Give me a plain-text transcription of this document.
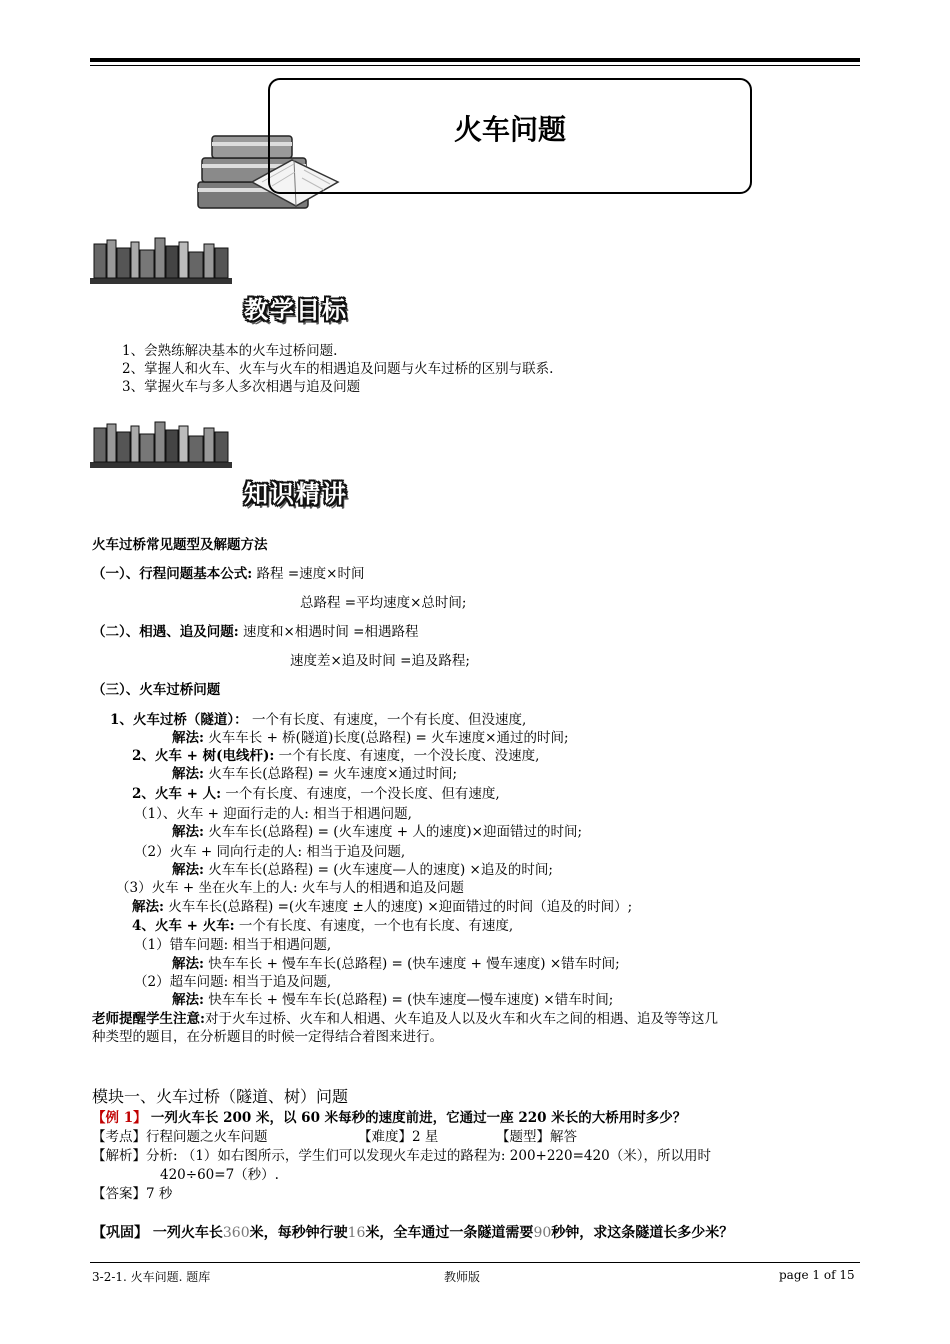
火车问题
教学目标
1、会熟练解决基本的火车过桥问题.
2、掌握人和火车、火车与火车的相遇追及问题与火车过桥的区别与联系.
3、掌握火车与多人多次相遇与追及问题
知识精讲
火车过桥常见题型及解题方法
（一）、行程问题基本公式: 路程 =速度×时间
总路程 =平均速度×总时间;
（二）、相遇、追及问题: 速度和×相遇时间 =相遇路程
速度差×追及时间 =追及路程;
（三）、火车过桥问题
1、火车过桥（隧道）： 一个有长度、有速度，一个有长度、但没速度,
解法: 火车车长 + 桥(隧道)长度(总路程) = 火车速度×通过的时间;
2、火车 + 树(电线杆): 一个有长度、有速度，一个没长度、没速度,
解法: 火车车长(总路程) = 火车速度×通过时间;
2、火车 + 人: 一个有长度、有速度，一个没长度、但有速度,
（1）、火车 + 迎面行走的人: 相当于相遇问题,
解法: 火车车长(总路程) = (火车速度 + 人的速度)×迎面错过的时间;
（2）火车 + 同向行走的人: 相当于追及问题,
解法: 火车车长(总路程) = (火车速度—人的速度) ×追及的时间;
（3）火车 + 坐在火车上的人: 火车与人的相遇和追及问题
解法: 火车车长(总路程) =(火车速度 ±人的速度) ×迎面错过的时间（追及的时间）;
4、火车 + 火车: 一个有长度、有速度，一个也有长度、有速度,
（1）错车问题: 相当于相遇问题,
解法: 快车车长 + 慢车车长(总路程) = (快车速度 + 慢车速度) ×错车时间;
（2）超车问题: 相当于追及问题,
解法: 快车车长 + 慢车车长(总路程) = (快车速度—慢车速度) ×错车时间;
老师提醒学生注意:对于火车过桥、火车和人相遇、火车追及人以及火车和火车之间的相遇、追及等等这几
种类型的题目，在分析题目的时候一定得结合着图来进行。
模块一、火车过桥（隧道、树）问题
【例 1】 一列火车长 200 米，以 60 米每秒的速度前进，它通过一座 220 米长的大桥用时多少？
【考点】行程问题之火车问题	【难度】2 星	【题型】解答
【解析】分析: （1）如右图所示，学生们可以发现火车走过的路程为: 200+220=420（米），所以用时
420÷60=7（秒）.
【答案】7 秒
【巩固】 一列火车长360米，每秒钟行驶16米，全车通过一条隧道需要90秒钟，求这条隧道长多少米？
3-2-1. 火车问题. 题库	教师版	page 1 of 15
